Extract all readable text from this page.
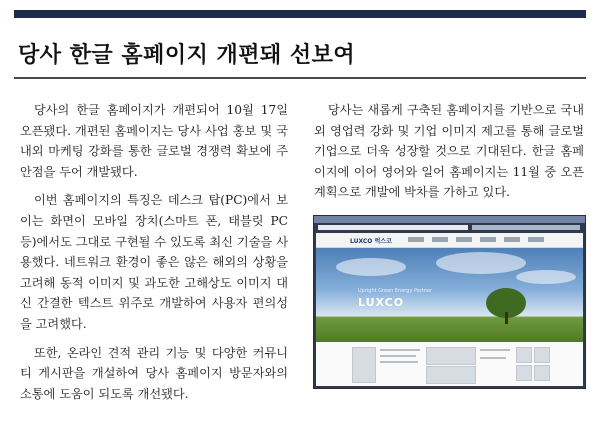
당사 한글 홈페이지 개편돼 선보여

당사의 한글 홈페이지가 개편되어 10월 17일 오픈됐다. 개편된 홈페이지는 당사 사업 홍보 및 국내외 마케팅 강화를 통한 글로벌 경쟁력 확보에 주안점을 두어 개발됐다.

이번 홈페이지의 특징은 데스크 탑(PC)에서 보이는 화면이 모바일 장치(스마트 폰, 태블릿 PC 등)에서도 그대로 구현될 수 있도록 최신 기술을 사용했다. 네트워크 환경이 좋은 않은 해외의 상황을 고려해 동적 이미지 및 과도한 고해상도 이미지 대신 간결한 텍스트 위주로 개발하여 사용자 편의성을 고려했다.

또한, 온라인 견적 관리 기능 및 다양한 커뮤니티 게시판을 개설하여 당사 홈페이지 방문자와의 소통에 도움이 되도록 개선됐다.

당사는 새롭게 구축된 홈페이지를 기반으로 국내외 영업력 강화 및 기업 이미지 제고를 통해 글로벌기업으로 더욱 성장할 것으로 기대된다. 한글 홈페이지에 이어 영어와 일어 홈페이지는 11월 중 오픈계획으로 개발에 박차를 가하고 있다.

LUXCO 럭스코
Upright Green Energy Partner
LUXCO
